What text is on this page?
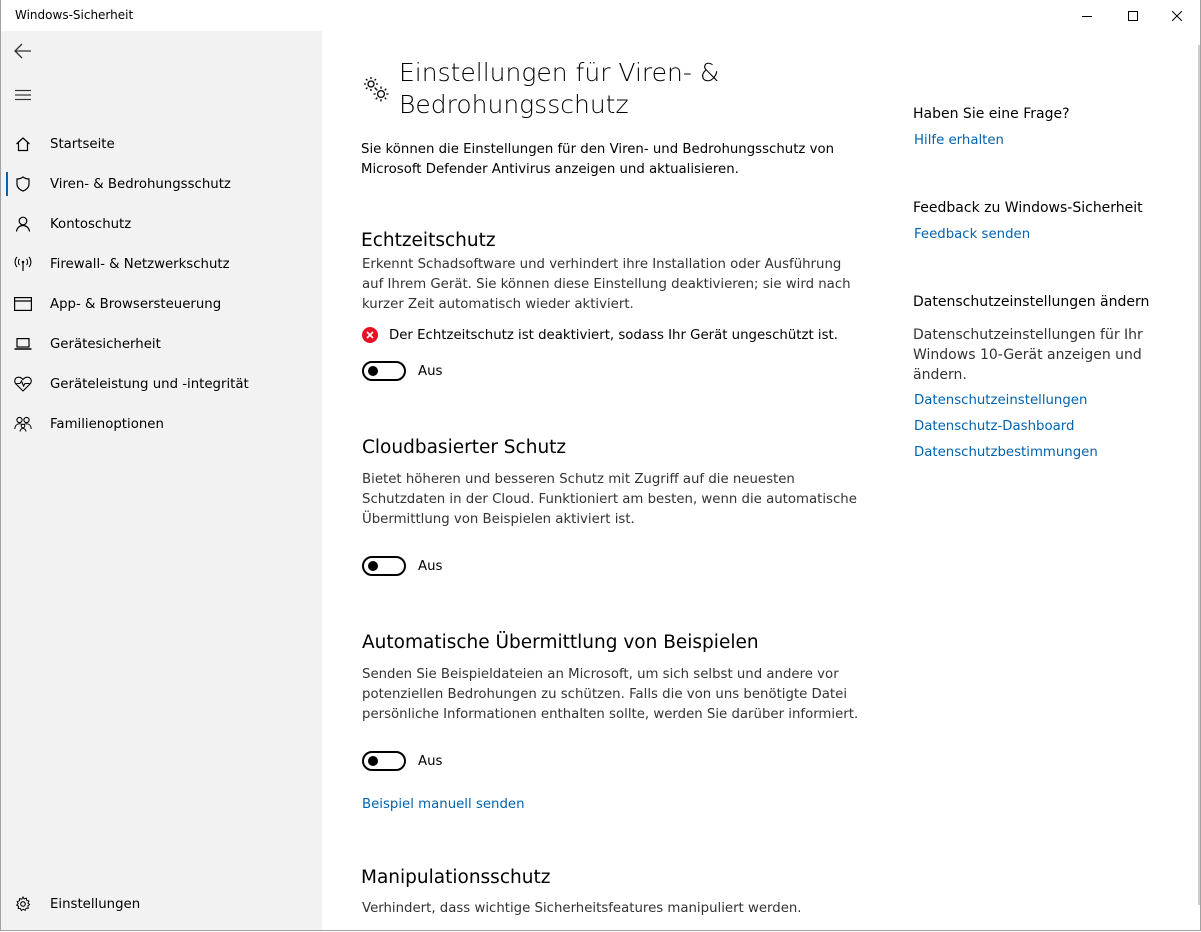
Windows-Sicherheit
Startseite
Viren- & Bedrohungsschutz
Kontoschutz
Firewall- & Netzwerkschutz
App- & Browsersteuerung
Gerätesicherheit
Geräteleistung und -integrität
Familienoptionen
Einstellungen
Einstellungen für Viren- & Bedrohungsschutz
Sie können die Einstellungen für den Viren- und Bedrohungsschutz von Microsoft Defender Antivirus anzeigen und aktualisieren.
Echtzeitschutz
Erkennt Schadsoftware und verhindert ihre Installation oder Ausführung auf Ihrem Gerät. Sie können diese Einstellung deaktivieren; sie wird nach kurzer Zeit automatisch wieder aktiviert.
Der Echtzeitschutz ist deaktiviert, sodass Ihr Gerät ungeschützt ist.
Aus
Cloudbasierter Schutz
Bietet höheren und besseren Schutz mit Zugriff auf die neuesten Schutzdaten in der Cloud. Funktioniert am besten, wenn die automatische Übermittlung von Beispielen aktiviert ist.
Aus
Automatische Übermittlung von Beispielen
Senden Sie Beispieldateien an Microsoft, um sich selbst und andere vor potenziellen Bedrohungen zu schützen. Falls die von uns benötigte Datei persönliche Informationen enthalten sollte, werden Sie darüber informiert.
Aus
Beispiel manuell senden
Manipulationsschutz
Verhindert, dass wichtige Sicherheitsfeatures manipuliert werden.
Haben Sie eine Frage?
Hilfe erhalten
Feedback zu Windows-Sicherheit
Feedback senden
Datenschutzeinstellungen ändern
Datenschutzeinstellungen für Ihr Windows 10-Gerät anzeigen und ändern.
Datenschutzeinstellungen
Datenschutz-Dashboard
Datenschutzbestimmungen
